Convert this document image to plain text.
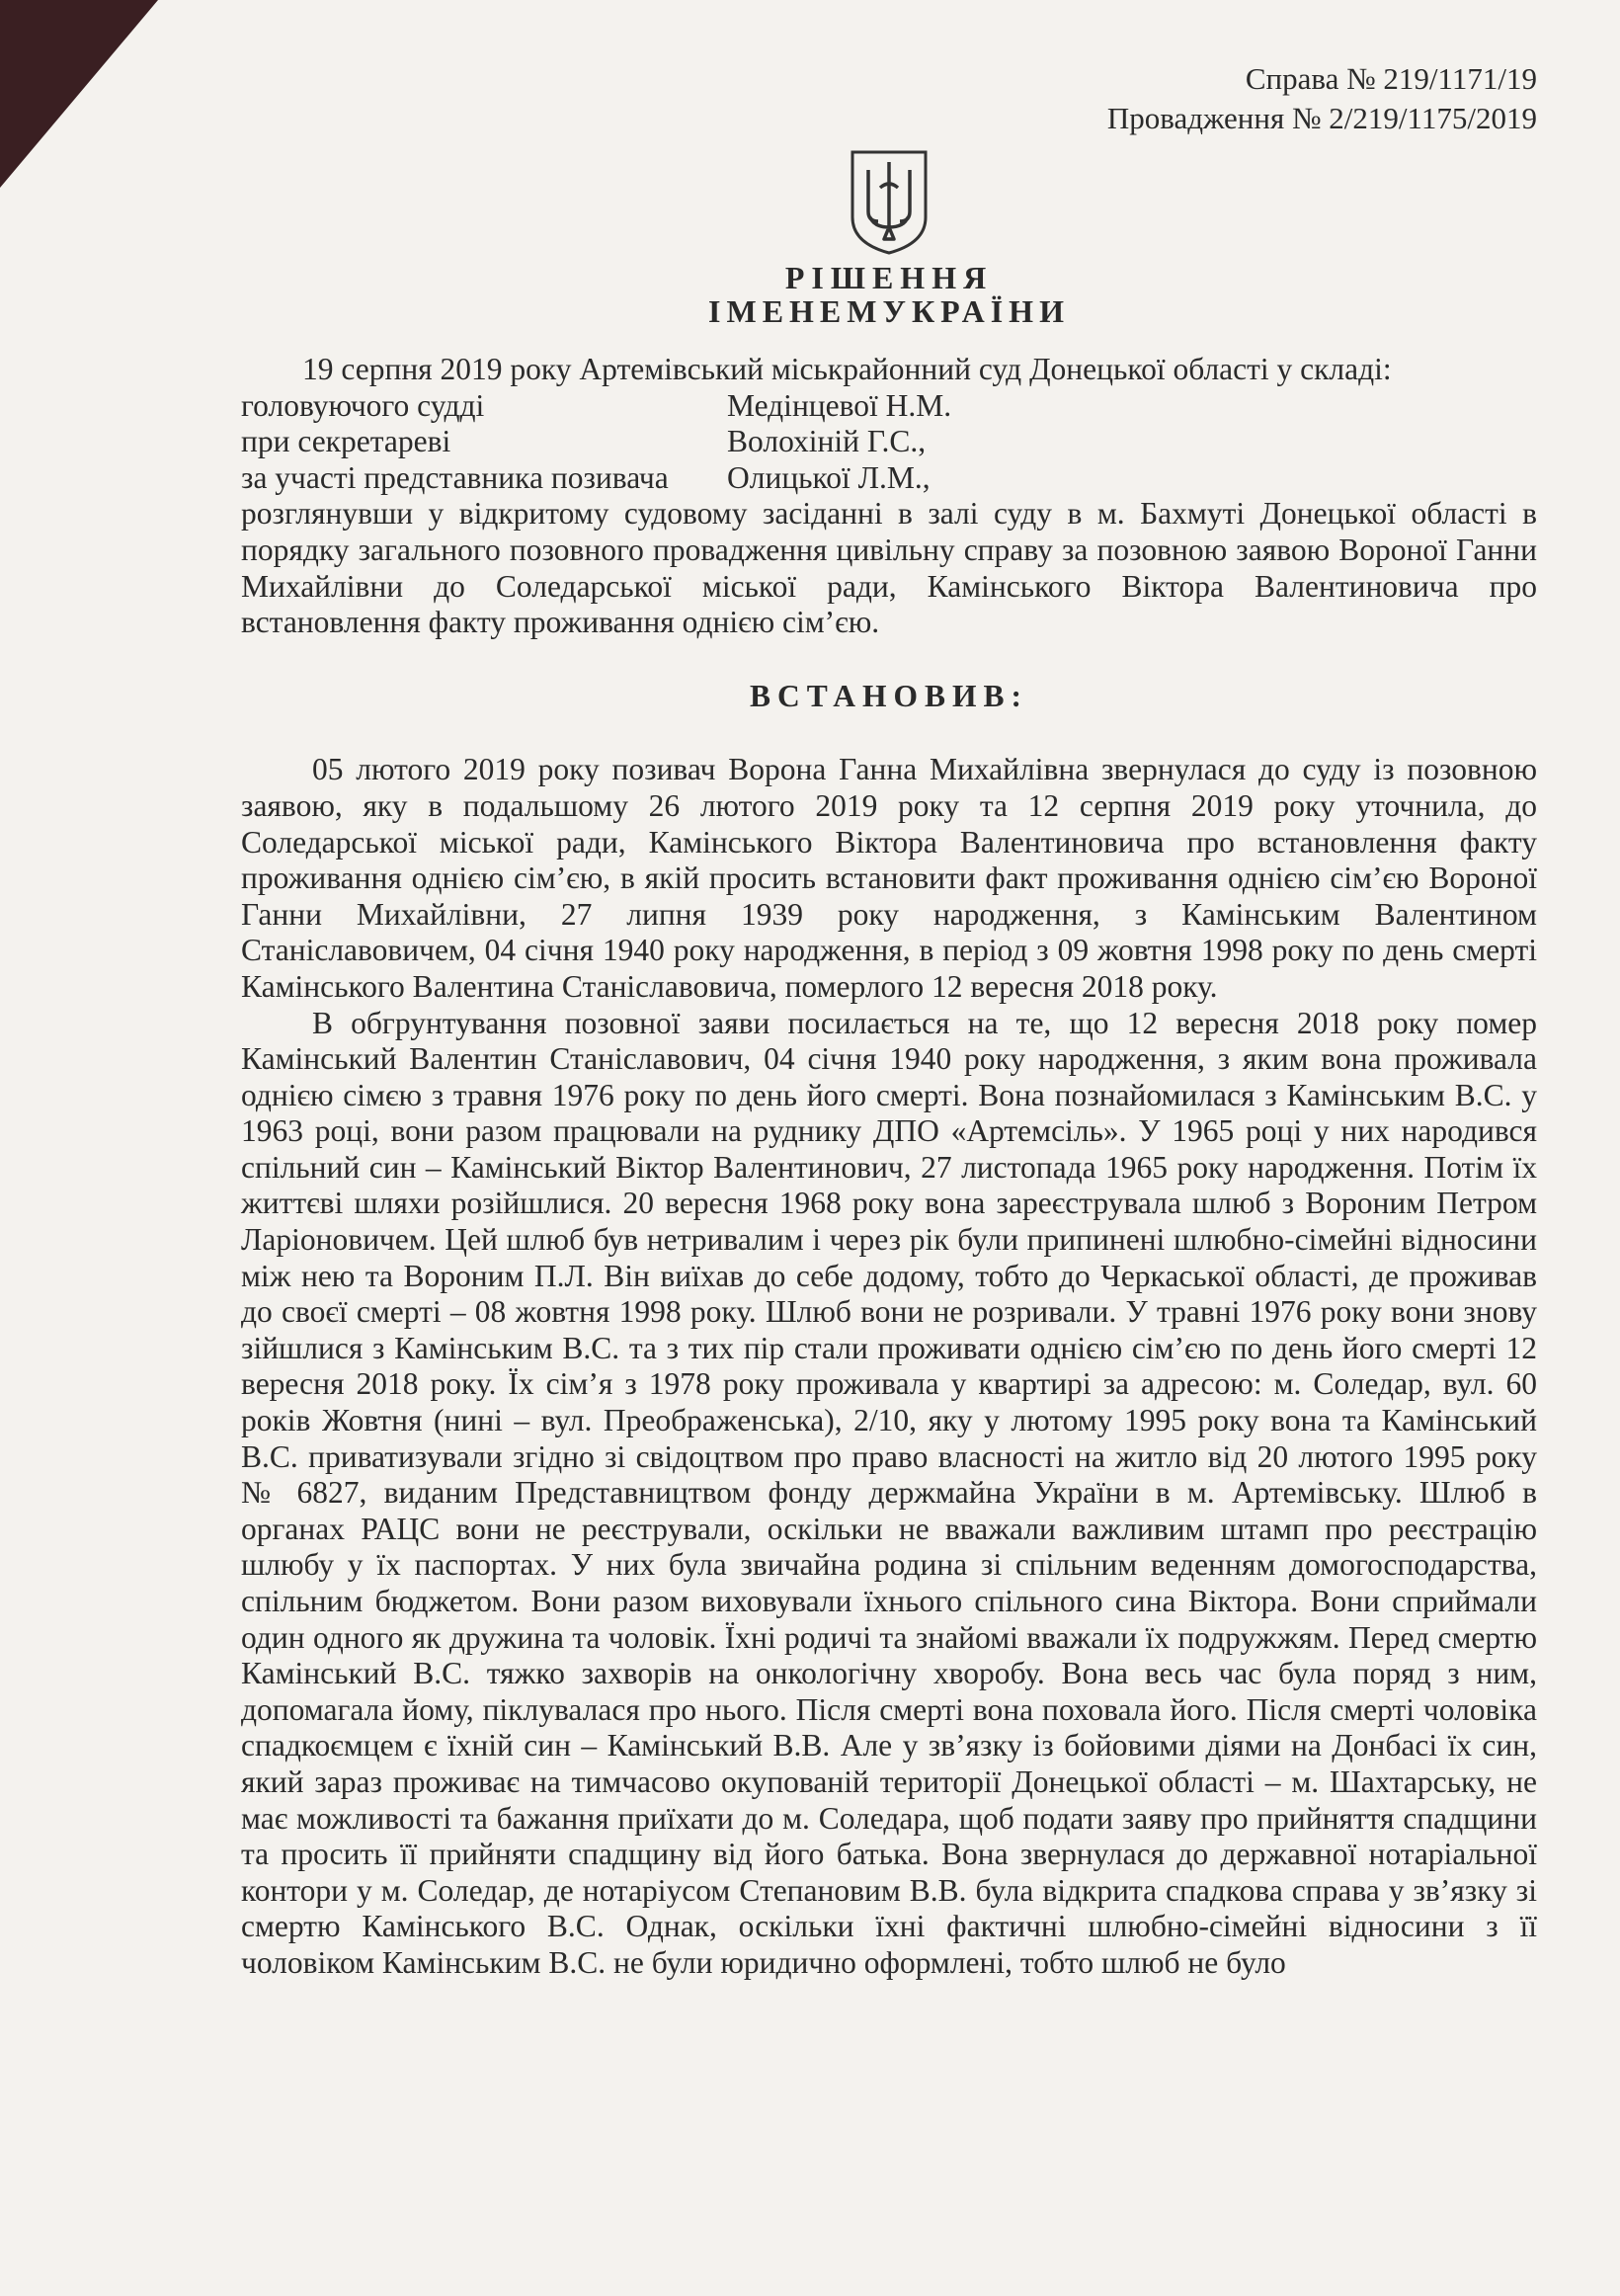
Справа № 219/1171/19
Провадження № 2/219/1175/2019
РІШЕННЯ
ІМЕНЕМУКРАЇНИ

19 серпня 2019 року Артемівський міськрайонний суд Донецької області у складі:

головуючого судді	Медінцевої Н.М.
при секретареві	Волохіній Г.С.,
за участі представника позивача	Олицької Л.М.,
розглянувши у відкритому судовому засіданні в залі суду в м. Бахмуті Донецької області в порядку загального позовного провадження цивільну справу за позовною заявою Вороної Ганни Михайлівни до Соледарської міської ради, Камінського Віктора Валентиновича про встановлення факту проживання однією сім’єю.
ВСТАНОВИВ:

05 лютого 2019 року позивач Ворона Ганна Михайлівна звернулася до суду із позовною заявою, яку в подальшому 26 лютого 2019 року та 12 серпня 2019 року уточнила, до Соледарської міської ради, Камінського Віктора Валентиновича про встановлення факту проживання однією сім’єю, в якій просить встановити факт проживання однією сім’єю Вороної Ганни Михайлівни, 27 липня 1939 року народження, з Камінським Валентином Станіславовичем, 04 січня 1940 року народження, в період з 09 жовтня 1998 року по день смерті Камінського Валентина Станіславовича, померлого 12 вересня 2018 року.

В обгрунтування позовної заяви посилається на те, що 12 вересня 2018 року помер Камінський Валентин Станіславович, 04 січня 1940 року народження, з яким вона проживала однією сімєю з травня 1976 року по день його смерті. Вона познайомилася з Камінським В.С. у 1963 році, вони разом працювали на руднику ДПО «Артемсіль». У 1965 році у них народився спільний син – Камінський Віктор Валентинович, 27 листопада 1965 року народження. Потім їх життєві шляхи розійшлися. 20 вересня 1968 року вона зареєструвала шлюб з Вороним Петром Ларіоновичем. Цей шлюб був нетривалим і через рік були припинені шлюбно-сімейні відносини між нею та Вороним П.Л. Він виїхав до себе додому, тобто до Черкаської області, де проживав до своєї смерті – 08 жовтня 1998 року. Шлюб вони не розривали. У травні 1976 року вони знову зійшлися з Камінським В.С. та з тих пір стали проживати однією сім’єю по день його смерті 12 вересня 2018 року. Їх сім’я з 1978 року проживала у квартирі за адресою: м. Соледар, вул. 60 років Жовтня (нині – вул. Преображенська), 2/10, яку у лютому 1995 року вона та Камінський В.С. приватизували згідно зі свідоцтвом про право власності на житло від 20 лютого 1995 року № 6827, виданим Представництвом фонду держмайна України в м. Артемівську. Шлюб в органах РАЦС вони не реєстрували, оскільки не вважали важливим штамп про реєстрацію шлюбу у їх паспортах. У них була звичайна родина зі спільним веденням домогосподарства, спільним бюджетом. Вони разом виховували їхнього спільного сина Віктора. Вони сприймали один одного як дружина та чоловік. Їхні родичі та знайомі вважали їх подружжям. Перед смертю Камінський В.С. тяжко захворів на онкологічну хворобу. Вона весь час була поряд з ним, допомагала йому, піклувалася про нього. Після смерті вона поховала його. Після смерті чоловіка спадкоємцем є їхній син – Камінський В.В. Але у зв’язку із бойовими діями на Донбасі їх син, який зараз проживає на тимчасово окупованій території Донецької області – м. Шахтарську, не має можливості та бажання приїхати до м. Соледара, щоб подати заяву про прийняття спадщини та просить її прийняти спадщину від його батька. Вона звернулася до державної нотаріальної контори у м. Соледар, де нотаріусом Степановим В.В. була відкрита спадкова справа у зв’язку зі смертю Камінського В.С. Однак, оскільки їхні фактичні шлюбно-сімейні відносини з її чоловіком Камінським В.С. не були юридично оформлені, тобто шлюб не було
